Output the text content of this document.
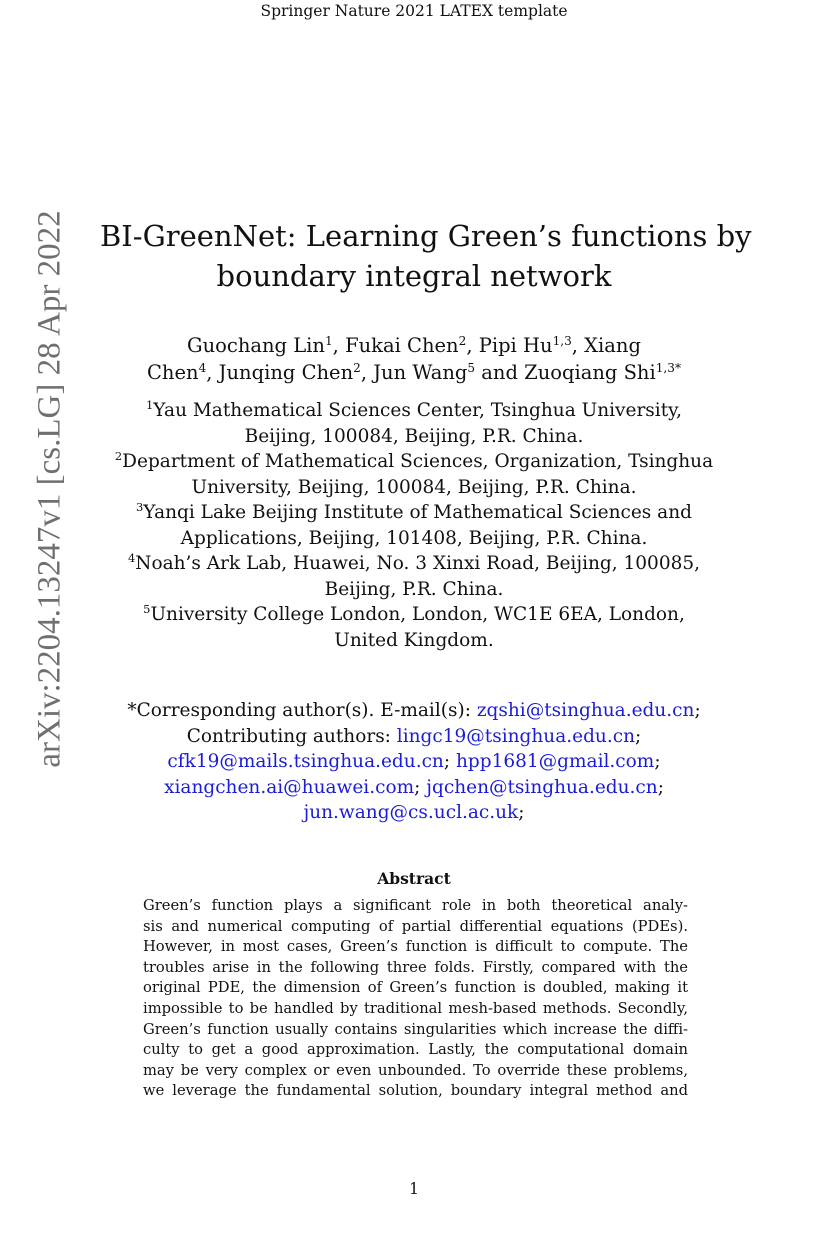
Springer Nature 2021 LATEX template
arXiv:2204.13247v1 [cs.LG] 28 Apr 2022 BI-GreenNet: Learning Green’s functions by
boundary integral network
Guochang Lin$^1$, Fukai Chen$^2$, Pipi Hu$^{1,3}$, Xiang
Chen$^4$, Junqing Chen$^2$, Jun Wang$^5$ and Zuoqiang Shi$^{1,3*}$
$^1$Yau Mathematical Sciences Center, Tsinghua University,
Beijing, 100084, Beijing, P.R. China.
$^2$Department of Mathematical Sciences, Organization, Tsinghua
University, Beijing, 100084, Beijing, P.R. China.
$^3$Yanqi Lake Beijing Institute of Mathematical Sciences and
Applications, Beijing, 101408, Beijing, P.R. China.
$^4$Noah’s Ark Lab, Huawei, No. 3 Xinxi Road, Beijing, 100085,
Beijing, P.R. China.
$^5$University College London, London, WC1E 6EA, London,
United Kingdom.
*Corresponding author(s). E-mail(s): zqshi@tsinghua.edu.cn;
Contributing authors: lingc19@tsinghua.edu.cn;
cfk19@mails.tsinghua.edu.cn; hpp1681@gmail.com;
xiangchen.ai@huawei.com; jqchen@tsinghua.edu.cn;
jun.wang@cs.ucl.ac.uk;
Abstract
Green’s function plays a significant role in both theoretical analy-
sis and numerical computing of partial differential equations (PDEs).
However, in most cases, Green’s function is difficult to compute. The
troubles arise in the following three folds. Firstly, compared with the
original PDE, the dimension of Green’s function is doubled, making it
impossible to be handled by traditional mesh-based methods. Secondly,
Green’s function usually contains singularities which increase the diffi-
culty to get a good approximation. Lastly, the computational domain
may be very complex or even unbounded. To override these problems,
we leverage the fundamental solution, boundary integral method and
1
